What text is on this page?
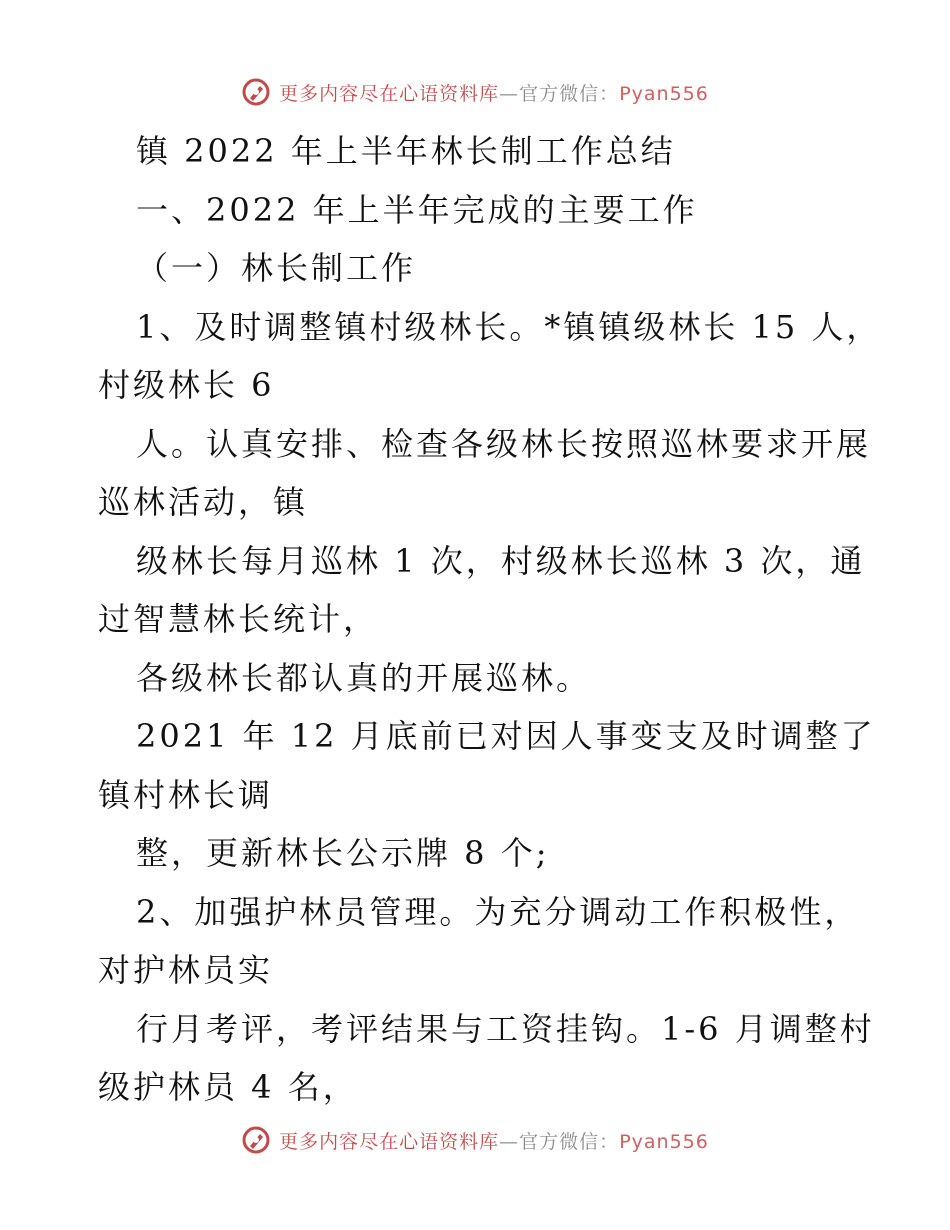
更多内容尽在心语资料库—官方微信：Pyan556
镇 2022 年上半年林长制工作总结
一、2022 年上半年完成的主要工作
（一）林长制工作
1、及时调整镇村级林长。*镇镇级林长 15 人，
村级林长 6
人。认真安排、检查各级林长按照巡林要求开展
巡林活动，镇
级林长每月巡林 1 次，村级林长巡林 3 次，通
过智慧林长统计，
各级林长都认真的开展巡林。
2021 年 12 月底前已对因人事变支及时调整了
镇村林长调
整，更新林长公示牌 8 个;
2、加强护林员管理。为充分调动工作积极性，
对护林员实
行月考评，考评结果与工资挂钩。1-6 月调整村
级护林员 4 名，
更多内容尽在心语资料库—官方微信：Pyan556
